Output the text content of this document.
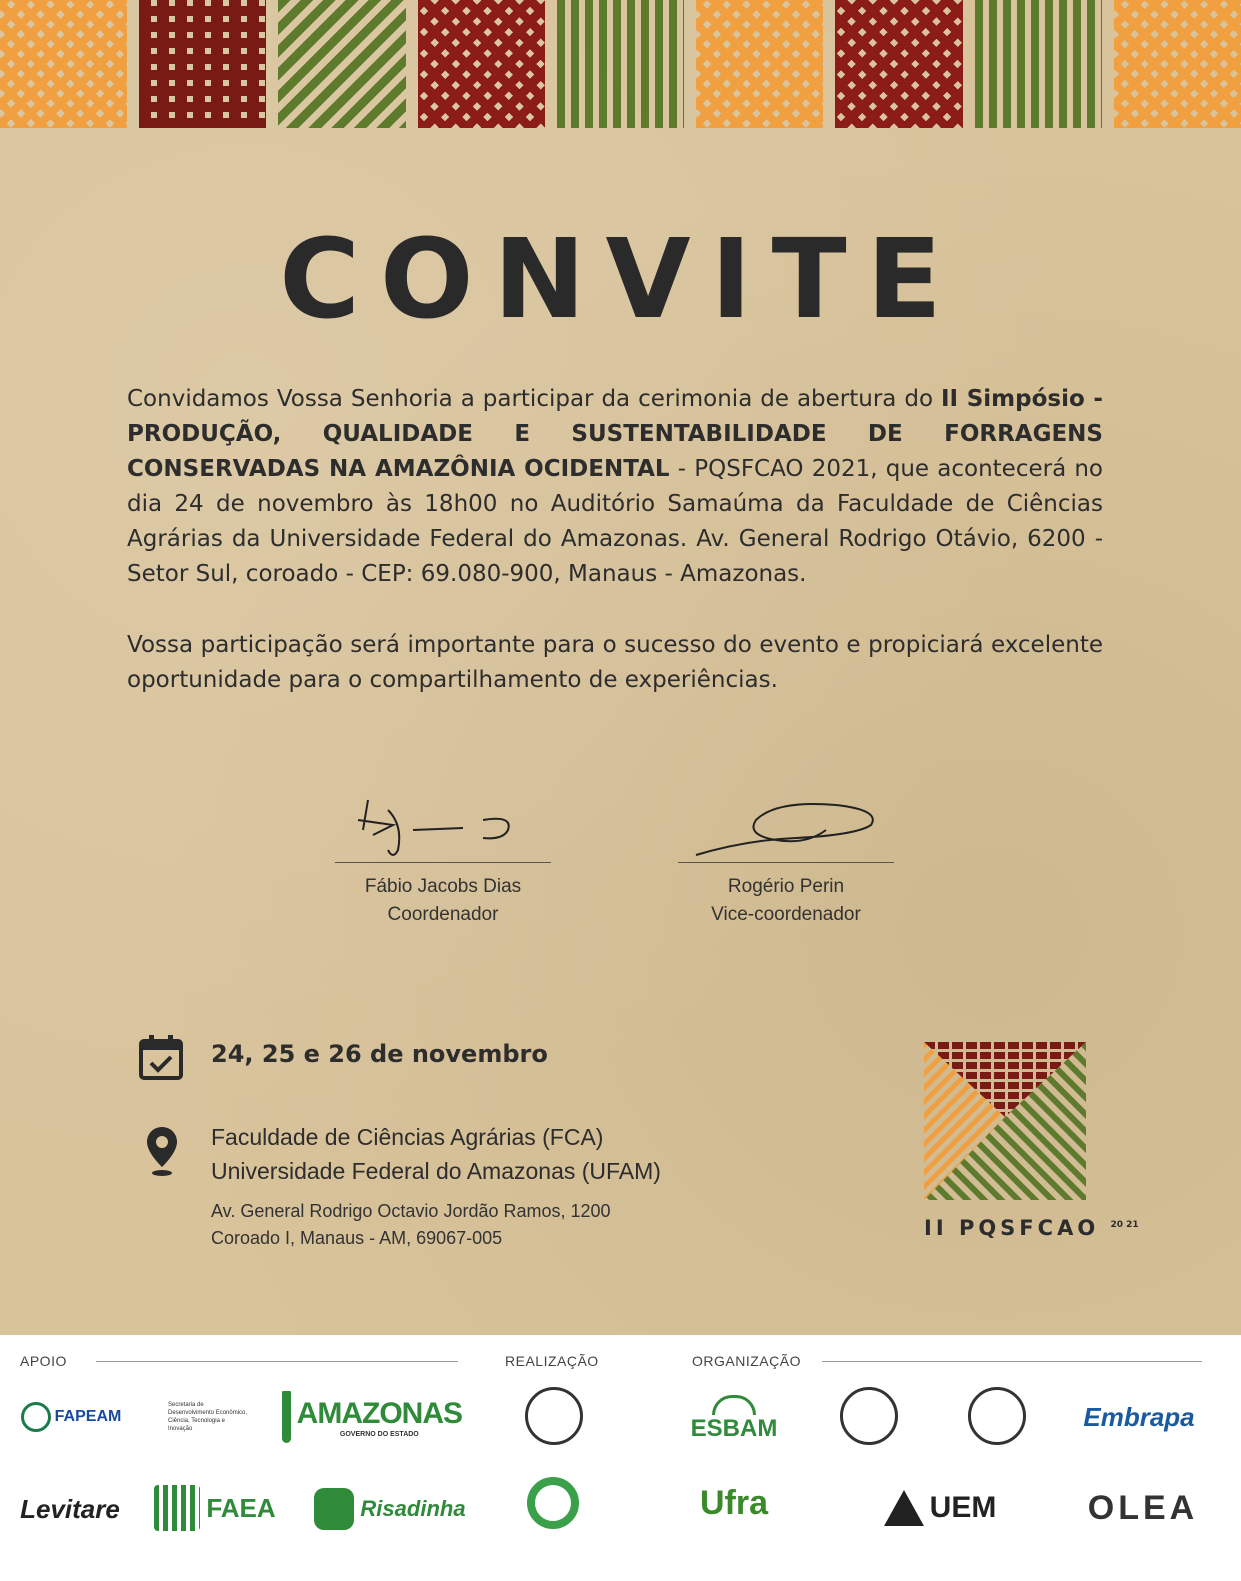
CONVITE
Convidamos Vossa Senhoria a participar da cerimonia de abertura do II Simpósio - PRODUÇÃO, QUALIDADE E SUSTENTABILIDADE DE FORRAGENS CONSERVADAS NA AMAZÔNIA OCIDENTAL - PQSFCAO 2021, que acontecerá no dia 24 de novembro às 18h00 no Auditório Samaúma da Faculdade de Ciências Agrárias da Universidade Federal do Amazonas. Av. General Rodrigo Otávio, 6200 - Setor Sul, coroado - CEP: 69.080-900, Manaus - Amazonas.
Vossa participação será importante para o sucesso do evento e propiciará excelente oportunidade para o compartilhamento de experiências.
Fábio Jacobs Dias
Coordenador
Rogério Perin
Vice-coordenador
24, 25 e 26 de novembro
Faculdade de Ciências Agrárias (FCA)
Universidade Federal do Amazonas (UFAM)
Av. General Rodrigo Octavio Jordão Ramos, 1200
Coroado I, Manaus - AM, 69067-005	II PQSFCAO $^{20 21}$
APOIO	REALIZAÇÃO	ORGANIZAÇÃO
FAPEAM
Secretaria de Desenvolvimento Econômico, Ciência, Tecnologia e Inovação	AMAZONAS
GOVERNO DO ESTADO	ESBAM	Embrapa
Levitare	FAEA	Risadinha	Ufra	UEM	OLEA
